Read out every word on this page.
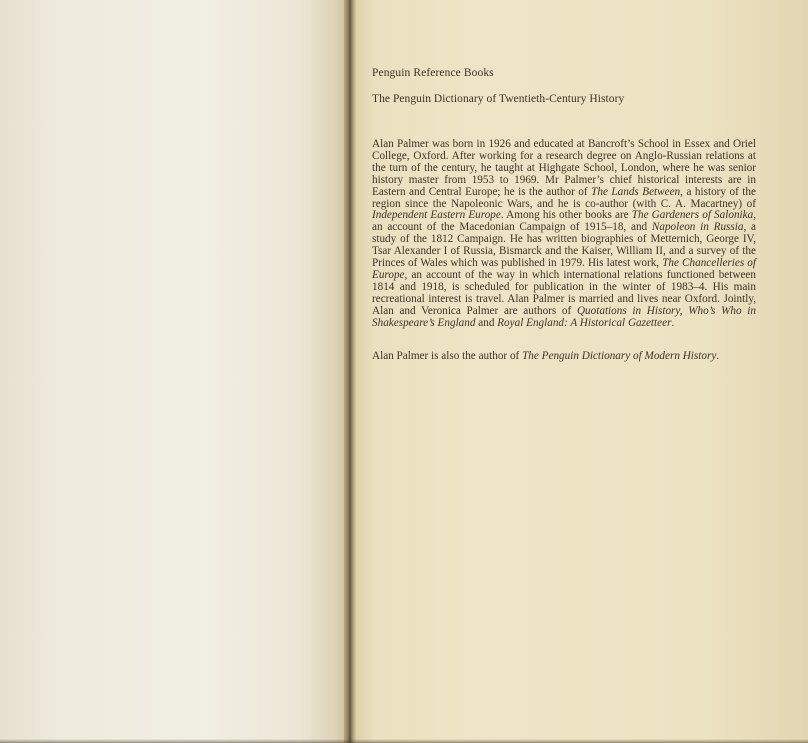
Penguin Reference Books
The Penguin Dictionary of Twentieth-Century History

Alan Palmer was born in 1926 and educated at Bancroft’s School in Essex and Oriel College, Oxford. After working for a research degree on Anglo-Russian relations at the turn of the century, he taught at Highgate School, London, where he was senior history master from 1953 to 1969. Mr Palmer’s chief historical interests are in Eastern and Central Europe; he is the author of The Lands Between, a history of the region since the Napoleonic Wars, and he is co-author (with C. A. Macartney) of Independent Eastern Europe. Among his other books are The Gardeners of Salonika, an account of the Macedonian Campaign of 1915–18, and Napoleon in Russia, a study of the 1812 Campaign. He has written biographies of Metternich, George IV, Tsar Alexander I of Russia, Bismarck and the Kaiser, William II, and a survey of the Princes of Wales which was published in 1979. His latest work, The Chancelleries of Europe, an account of the way in which international relations functioned between 1814 and 1918, is scheduled for publication in the winter of 1983–4. His main recreational interest is travel. Alan Palmer is married and lives near Oxford. Jointly, Alan and Veronica Palmer are authors of Quotations in History, Who’s Who in Shakespeare’s England and Royal England: A Historical Gazetteer.

Alan Palmer is also the author of The Penguin Dictionary of Modern History.
